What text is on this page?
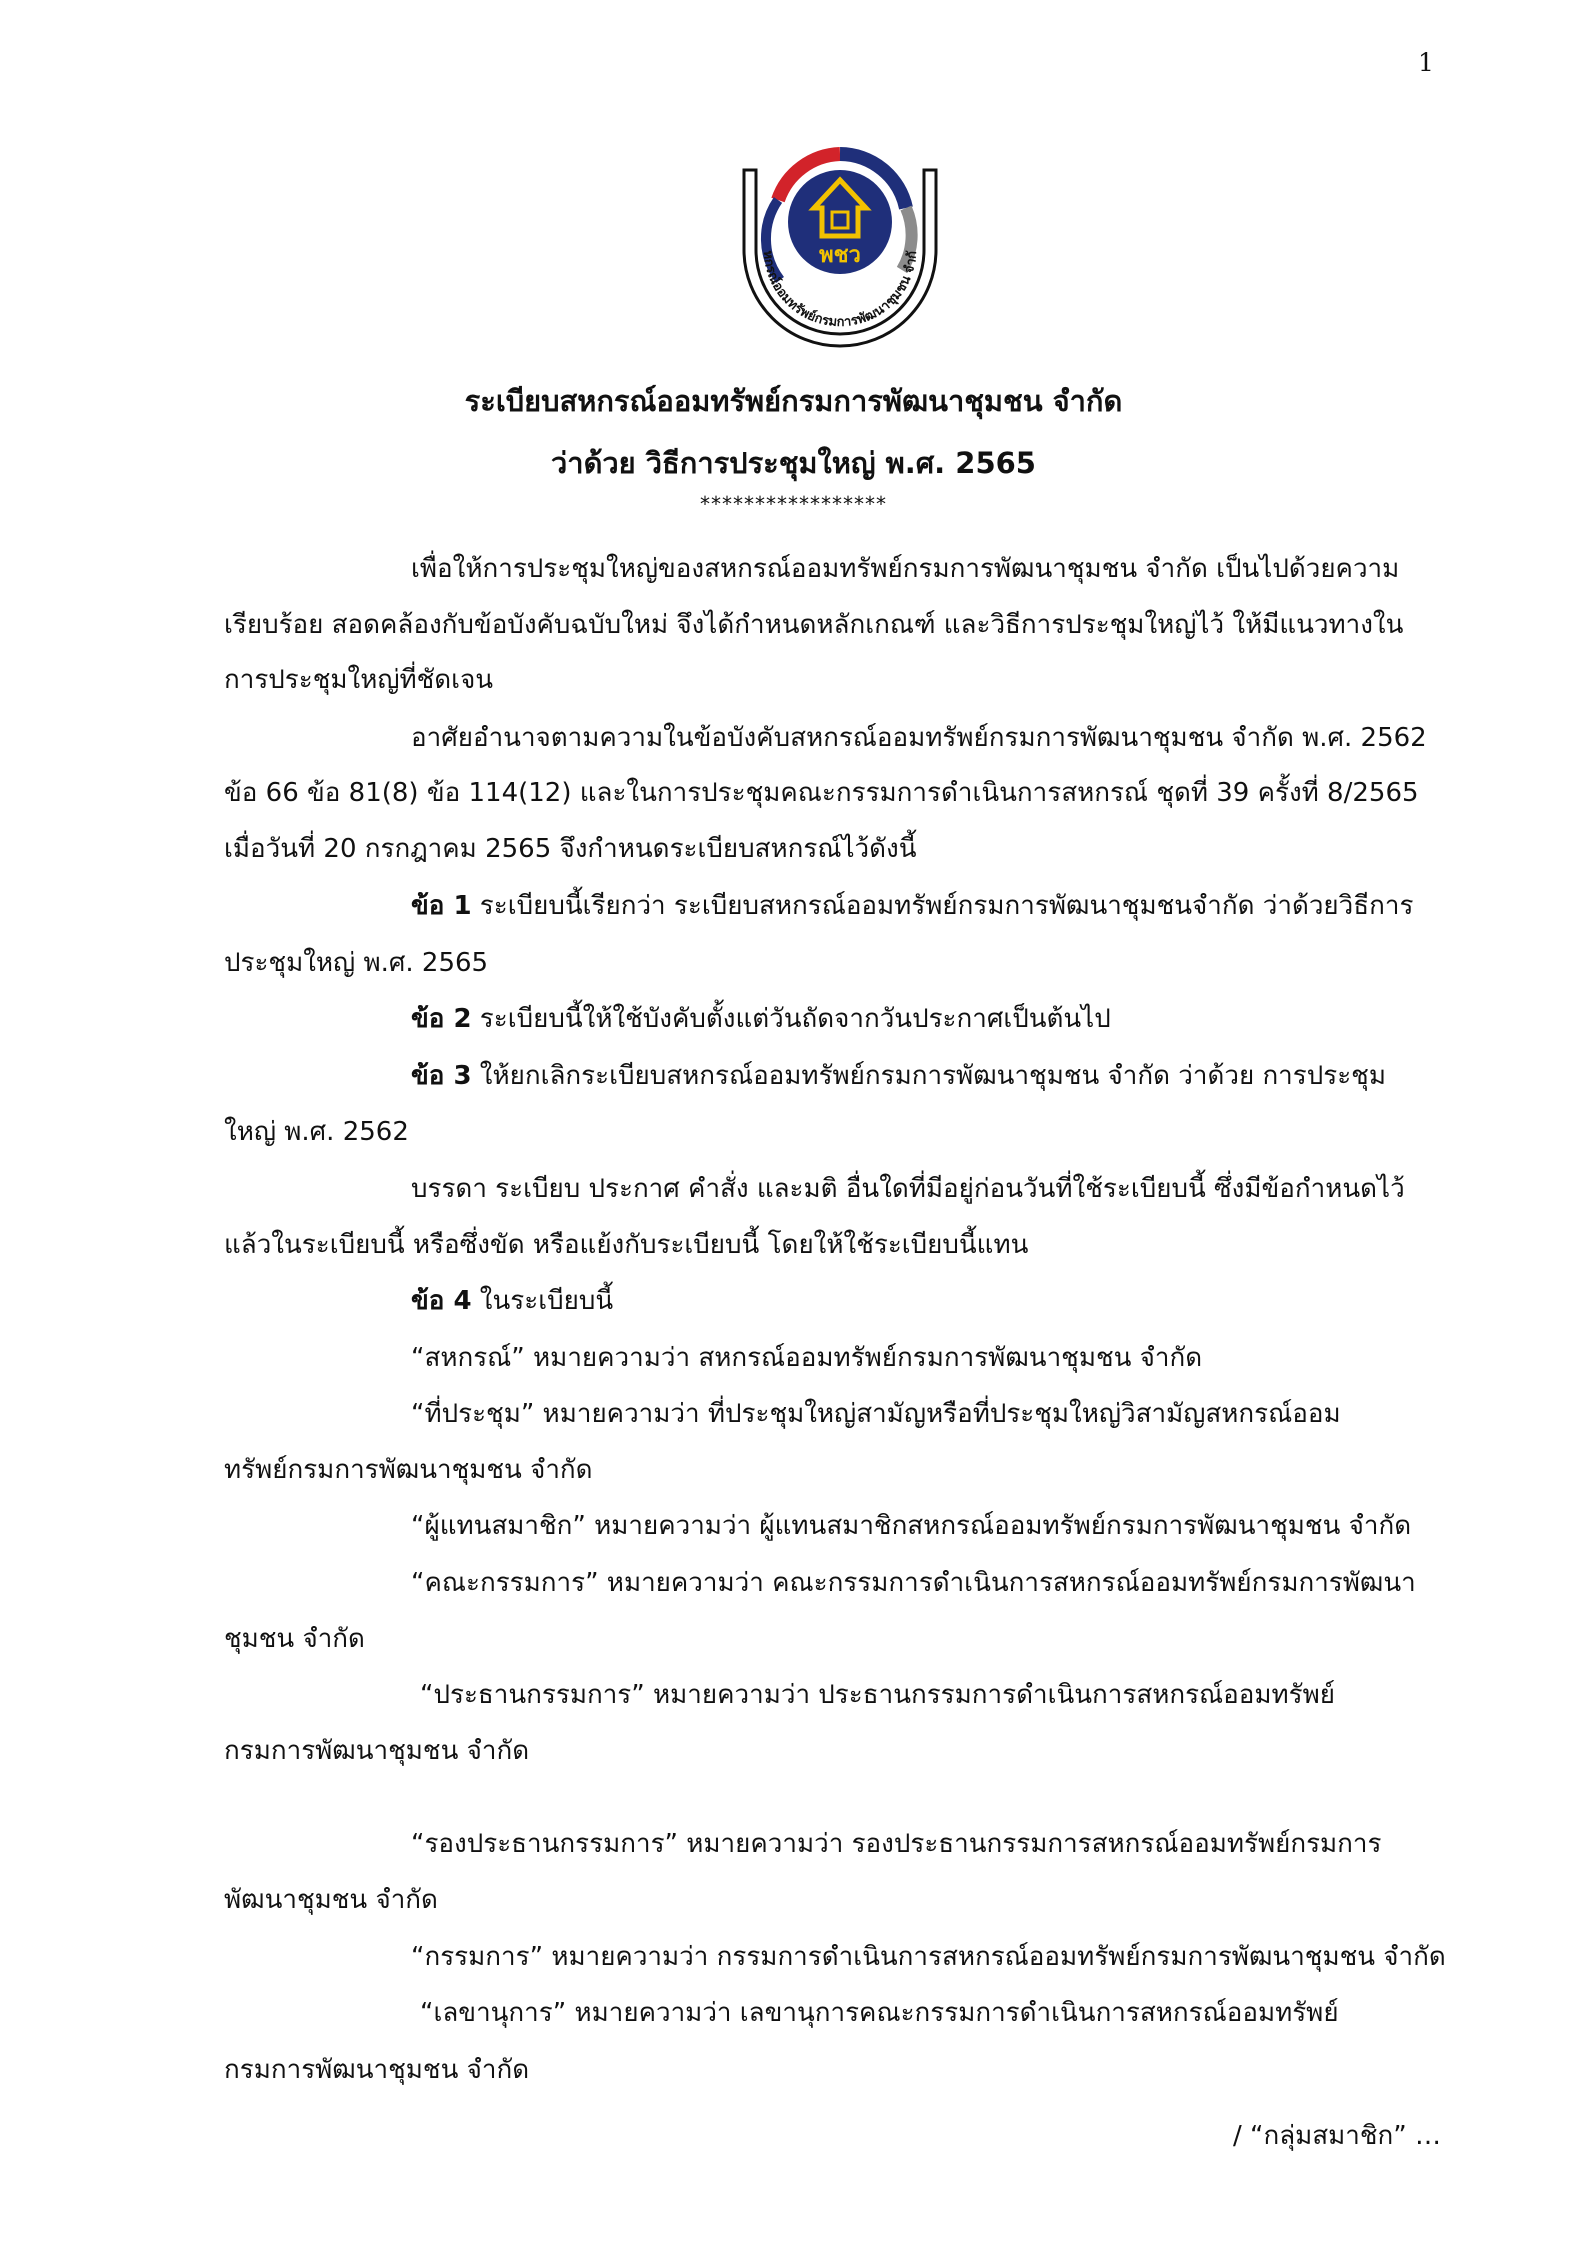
1
พชว
หกรณ์ออมทรัพย์กรมการพัฒนาชุมชน จำกั
ระเบียบสหกรณ์ออมทรัพย์กรมการพัฒนาชุมชน จำกัด
ว่าด้วย วิธีการประชุมใหญ่ พ.ศ. 2565
*****************
เพื่อให้การประชุมใหญ่ของสหกรณ์ออมทรัพย์กรมการพัฒนาชุมชน จำกัด เป็นไปด้วยความ
เรียบร้อย สอดคล้องกับข้อบังคับฉบับใหม่ จึงได้กำหนดหลักเกณฑ์ และวิธีการประชุมใหญ่ไว้ ให้มีแนวทางใน
การประชุมใหญ่ที่ชัดเจน
อาศัยอำนาจตามความในข้อบังคับสหกรณ์ออมทรัพย์กรมการพัฒนาชุมชน จำกัด พ.ศ. 2562
ข้อ 66 ข้อ 81(8) ข้อ 114(12) และในการประชุมคณะกรรมการดำเนินการสหกรณ์ ชุดที่ 39 ครั้งที่ 8/2565
เมื่อวันที่ 20 กรกฎาคม 2565 จึงกำหนดระเบียบสหกรณ์ไว้ดังนี้
ข้อ 1 ระเบียบนี้เรียกว่า ระเบียบสหกรณ์ออมทรัพย์กรมการพัฒนาชุมชนจำกัด ว่าด้วยวิธีการ
ประชุมใหญ่ พ.ศ. 2565
ข้อ 2 ระเบียบนี้ให้ใช้บังคับตั้งแต่วันถัดจากวันประกาศเป็นต้นไป
ข้อ 3 ให้ยกเลิกระเบียบสหกรณ์ออมทรัพย์กรมการพัฒนาชุมชน จำกัด ว่าด้วย การประชุม
ใหญ่ พ.ศ. 2562
บรรดา ระเบียบ ประกาศ คำสั่ง และมติ อื่นใดที่มีอยู่ก่อนวันที่ใช้ระเบียบนี้ ซึ่งมีข้อกำหนดไว้
แล้วในระเบียบนี้ หรือซึ่งขัด หรือแย้งกับระเบียบนี้ โดยให้ใช้ระเบียบนี้แทน
ข้อ 4 ในระเบียบนี้
“สหกรณ์” หมายความว่า สหกรณ์ออมทรัพย์กรมการพัฒนาชุมชน จำกัด
“ที่ประชุม” หมายความว่า ที่ประชุมใหญ่สามัญหรือที่ประชุมใหญ่วิสามัญสหกรณ์ออม
ทรัพย์กรมการพัฒนาชุมชน จำกัด
“ผู้แทนสมาชิก” หมายความว่า ผู้แทนสมาชิกสหกรณ์ออมทรัพย์กรมการพัฒนาชุมชน จำกัด
“คณะกรรมการ” หมายความว่า คณะกรรมการดำเนินการสหกรณ์ออมทรัพย์กรมการพัฒนา
ชุมชน จำกัด
“ประธานกรรมการ” หมายความว่า ประธานกรรมการดำเนินการสหกรณ์ออมทรัพย์
กรมการพัฒนาชุมชน จำกัด
“รองประธานกรรมการ” หมายความว่า รองประธานกรรมการสหกรณ์ออมทรัพย์กรมการ
พัฒนาชุมชน จำกัด
“กรรมการ” หมายความว่า กรรมการดำเนินการสหกรณ์ออมทรัพย์กรมการพัฒนาชุมชน จำกัด
“เลขานุการ” หมายความว่า เลขานุการคณะกรรมการดำเนินการสหกรณ์ออมทรัพย์
กรมการพัฒนาชุมชน จำกัด
/ “กลุ่มสมาชิก” …
